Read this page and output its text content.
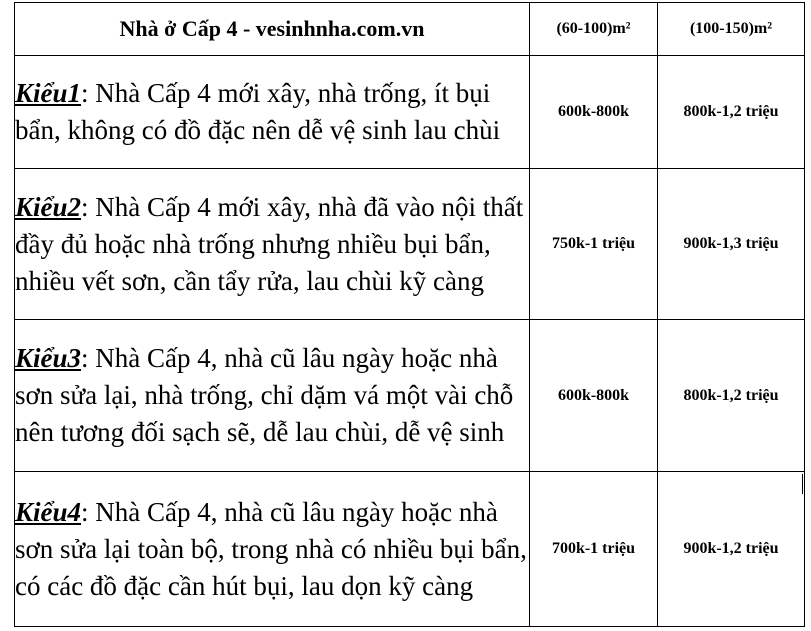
Nhà ở Cấp 4 - vesinhnha.com.vn	(60-100)m²	(100-150)m²
Kiểu1: Nhà Cấp 4 mới xây, nhà trống, ít bụi bẩn, không có đồ đặc nên dễ vệ sinh lau chùi	600k-800k	800k-1,2 triệu
Kiểu2: Nhà Cấp 4 mới xây, nhà đã vào nội thất đầy đủ hoặc nhà trống nhưng nhiều bụi bẩn, nhiều vết sơn, cần tẩy rửa, lau chùi kỹ càng	750k-1 triệu	900k-1,3 triệu
Kiểu3: Nhà Cấp 4, nhà cũ lâu ngày hoặc nhà sơn sửa lại, nhà trống, chỉ dặm vá một vài chỗ nên tương đối sạch sẽ, dễ lau chùi, dễ vệ sinh	600k-800k	800k-1,2 triệu
Kiểu4: Nhà Cấp 4, nhà cũ lâu ngày hoặc nhà sơn sửa lại toàn bộ, trong nhà có nhiều bụi bẩn, có các đồ đặc cần hút bụi, lau dọn kỹ càng	700k-1 triệu	900k-1,2 triệu
